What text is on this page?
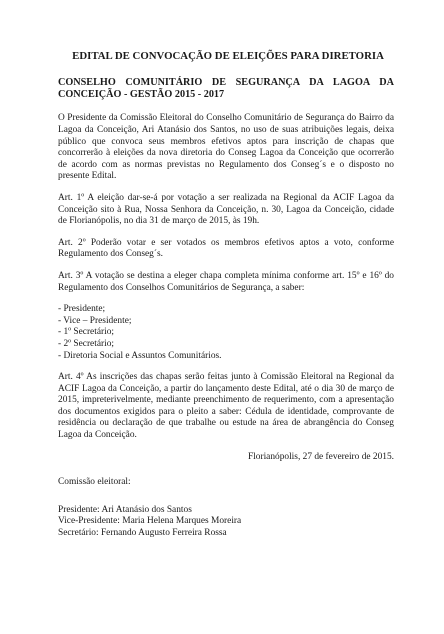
EDITAL DE CONVOCAÇÃO DE ELEIÇÕES PARA DIRETORIA
CONSELHO COMUNITÁRIO DE SEGURANÇA DA LAGOA DA CONCEIÇÃO - GESTÃO 2015 - 2017

O Presidente da Comissão Eleitoral do Conselho Comunitário de Segurança do Bairro da Lagoa da Conceição, Ari Atanásio dos Santos, no uso de suas atribuições legais, deixa público que convoca seus membros efetivos aptos para inscrição de chapas que concorrerão à eleições da nova diretoria do Conseg Lagoa da Conceição que ocorrerão de acordo com as normas previstas no Regulamento dos Conseg´s e o disposto no presente Edital.

Art. 1º A eleição dar-se-á por votação a ser realizada na Regional da ACIF Lagoa da Conceição sito à Rua, Nossa Senhora da Conceição, n. 30, Lagoa da Conceição, cidade de Florianópolis, no dia 31 de março de 2015, às 19h.

Art. 2º Poderão votar e ser votados os membros efetivos aptos a voto, conforme Regulamento dos Conseg´s.

Art. 3º A votação se destina a eleger chapa completa mínima conforme art. 15º e 16º do Regulamento dos Conselhos Comunitários de Segurança, a saber:

- Presidente;
- Vice – Presidente;
- 1º Secretário;
- 2º Secretário;
- Diretoria Social e Assuntos Comunitários.

Art. 4º As inscrições das chapas serão feitas junto à Comissão Eleitoral na Regional da ACIF Lagoa da Conceição, a partir do lançamento deste Edital, até o dia 30 de março de 2015, impreterivelmente, mediante preenchimento de requerimento, com a apresentação dos documentos exigidos para o pleito a saber: Cédula de identidade, comprovante de residência ou declaração de que trabalhe ou estude na área de abrangência do Conseg Lagoa da Conceição.

Florianópolis, 27 de fevereiro de 2015.
Comissão eleitoral:
Presidente: Ari Atanásio dos Santos
Vice-Presidente: Maria Helena Marques Moreira
Secretário: Fernando Augusto Ferreira Rossa
